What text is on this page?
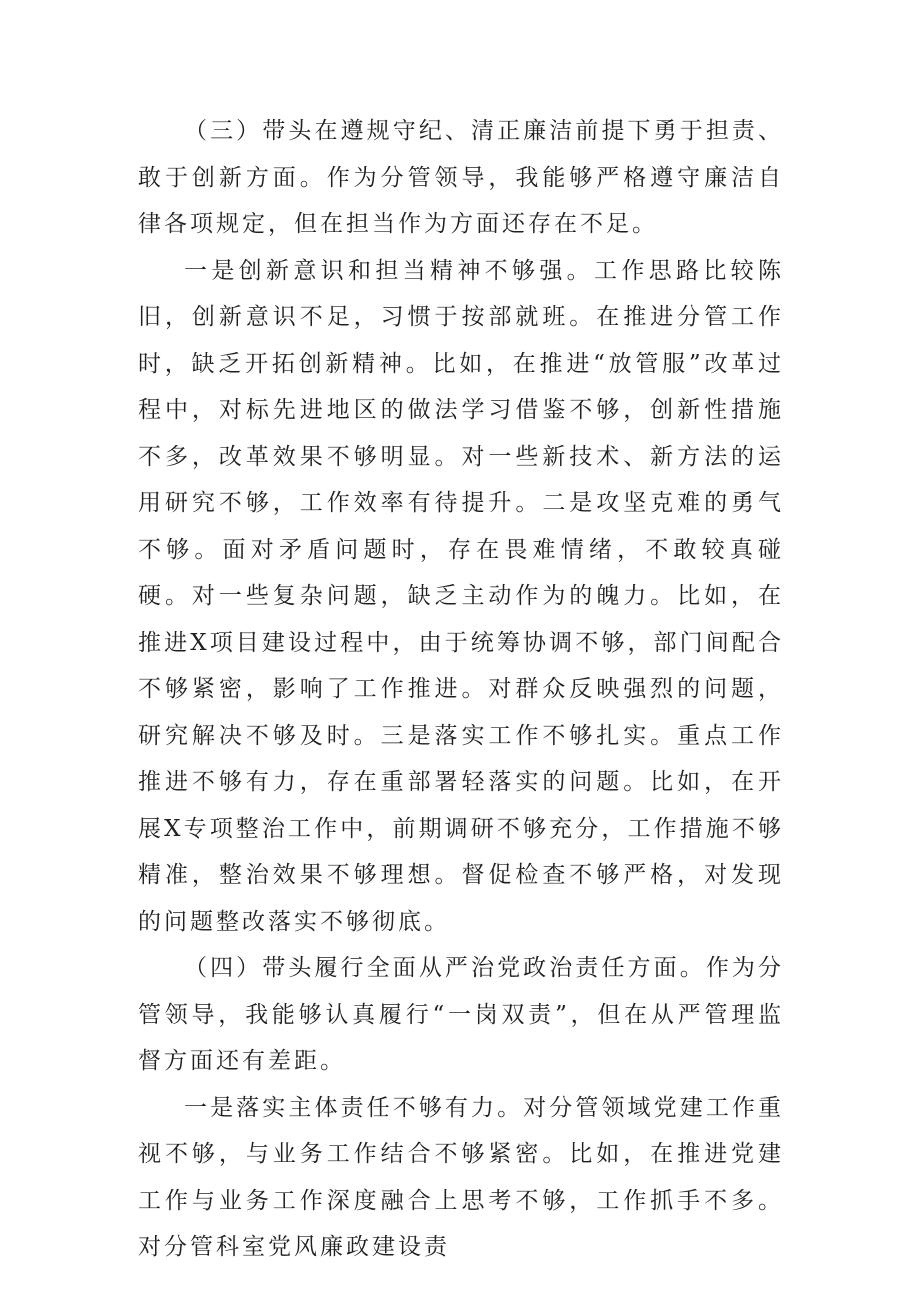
（三）带头在遵规守纪、清正廉洁前提下勇于担责、敢于创新方面。作为分管领导，我能够严格遵守廉洁自律各项规定，但在担当作为方面还存在不足。

一是创新意识和担当精神不够强。工作思路比较陈旧，创新意识不足，习惯于按部就班。在推进分管工作时，缺乏开拓创新精神。比如，在推进“放管服”改革过程中，对标先进地区的做法学习借鉴不够，创新性措施不多，改革效果不够明显。对一些新技术、新方法的运用研究不够，工作效率有待提升。二是攻坚克难的勇气不够。面对矛盾问题时，存在畏难情绪，不敢较真碰硬。对一些复杂问题，缺乏主动作为的魄力。比如，在推进X项目建设过程中，由于统筹协调不够，部门间配合不够紧密，影响了工作推进。对群众反映强烈的问题，研究解决不够及时。三是落实工作不够扎实。重点工作推进不够有力，存在重部署轻落实的问题。比如，在开展X专项整治工作中，前期调研不够充分，工作措施不够精准，整治效果不够理想。督促检查不够严格，对发现的问题整改落实不够彻底。

（四）带头履行全面从严治党政治责任方面。作为分管领导，我能够认真履行“一岗双责”，但在从严管理监督方面还有差距。

一是落实主体责任不够有力。对分管领域党建工作重视不够，与业务工作结合不够紧密。比如，在推进党建工作与业务工作深度融合上思考不够，工作抓手不多。对分管科室党风廉政建设责
